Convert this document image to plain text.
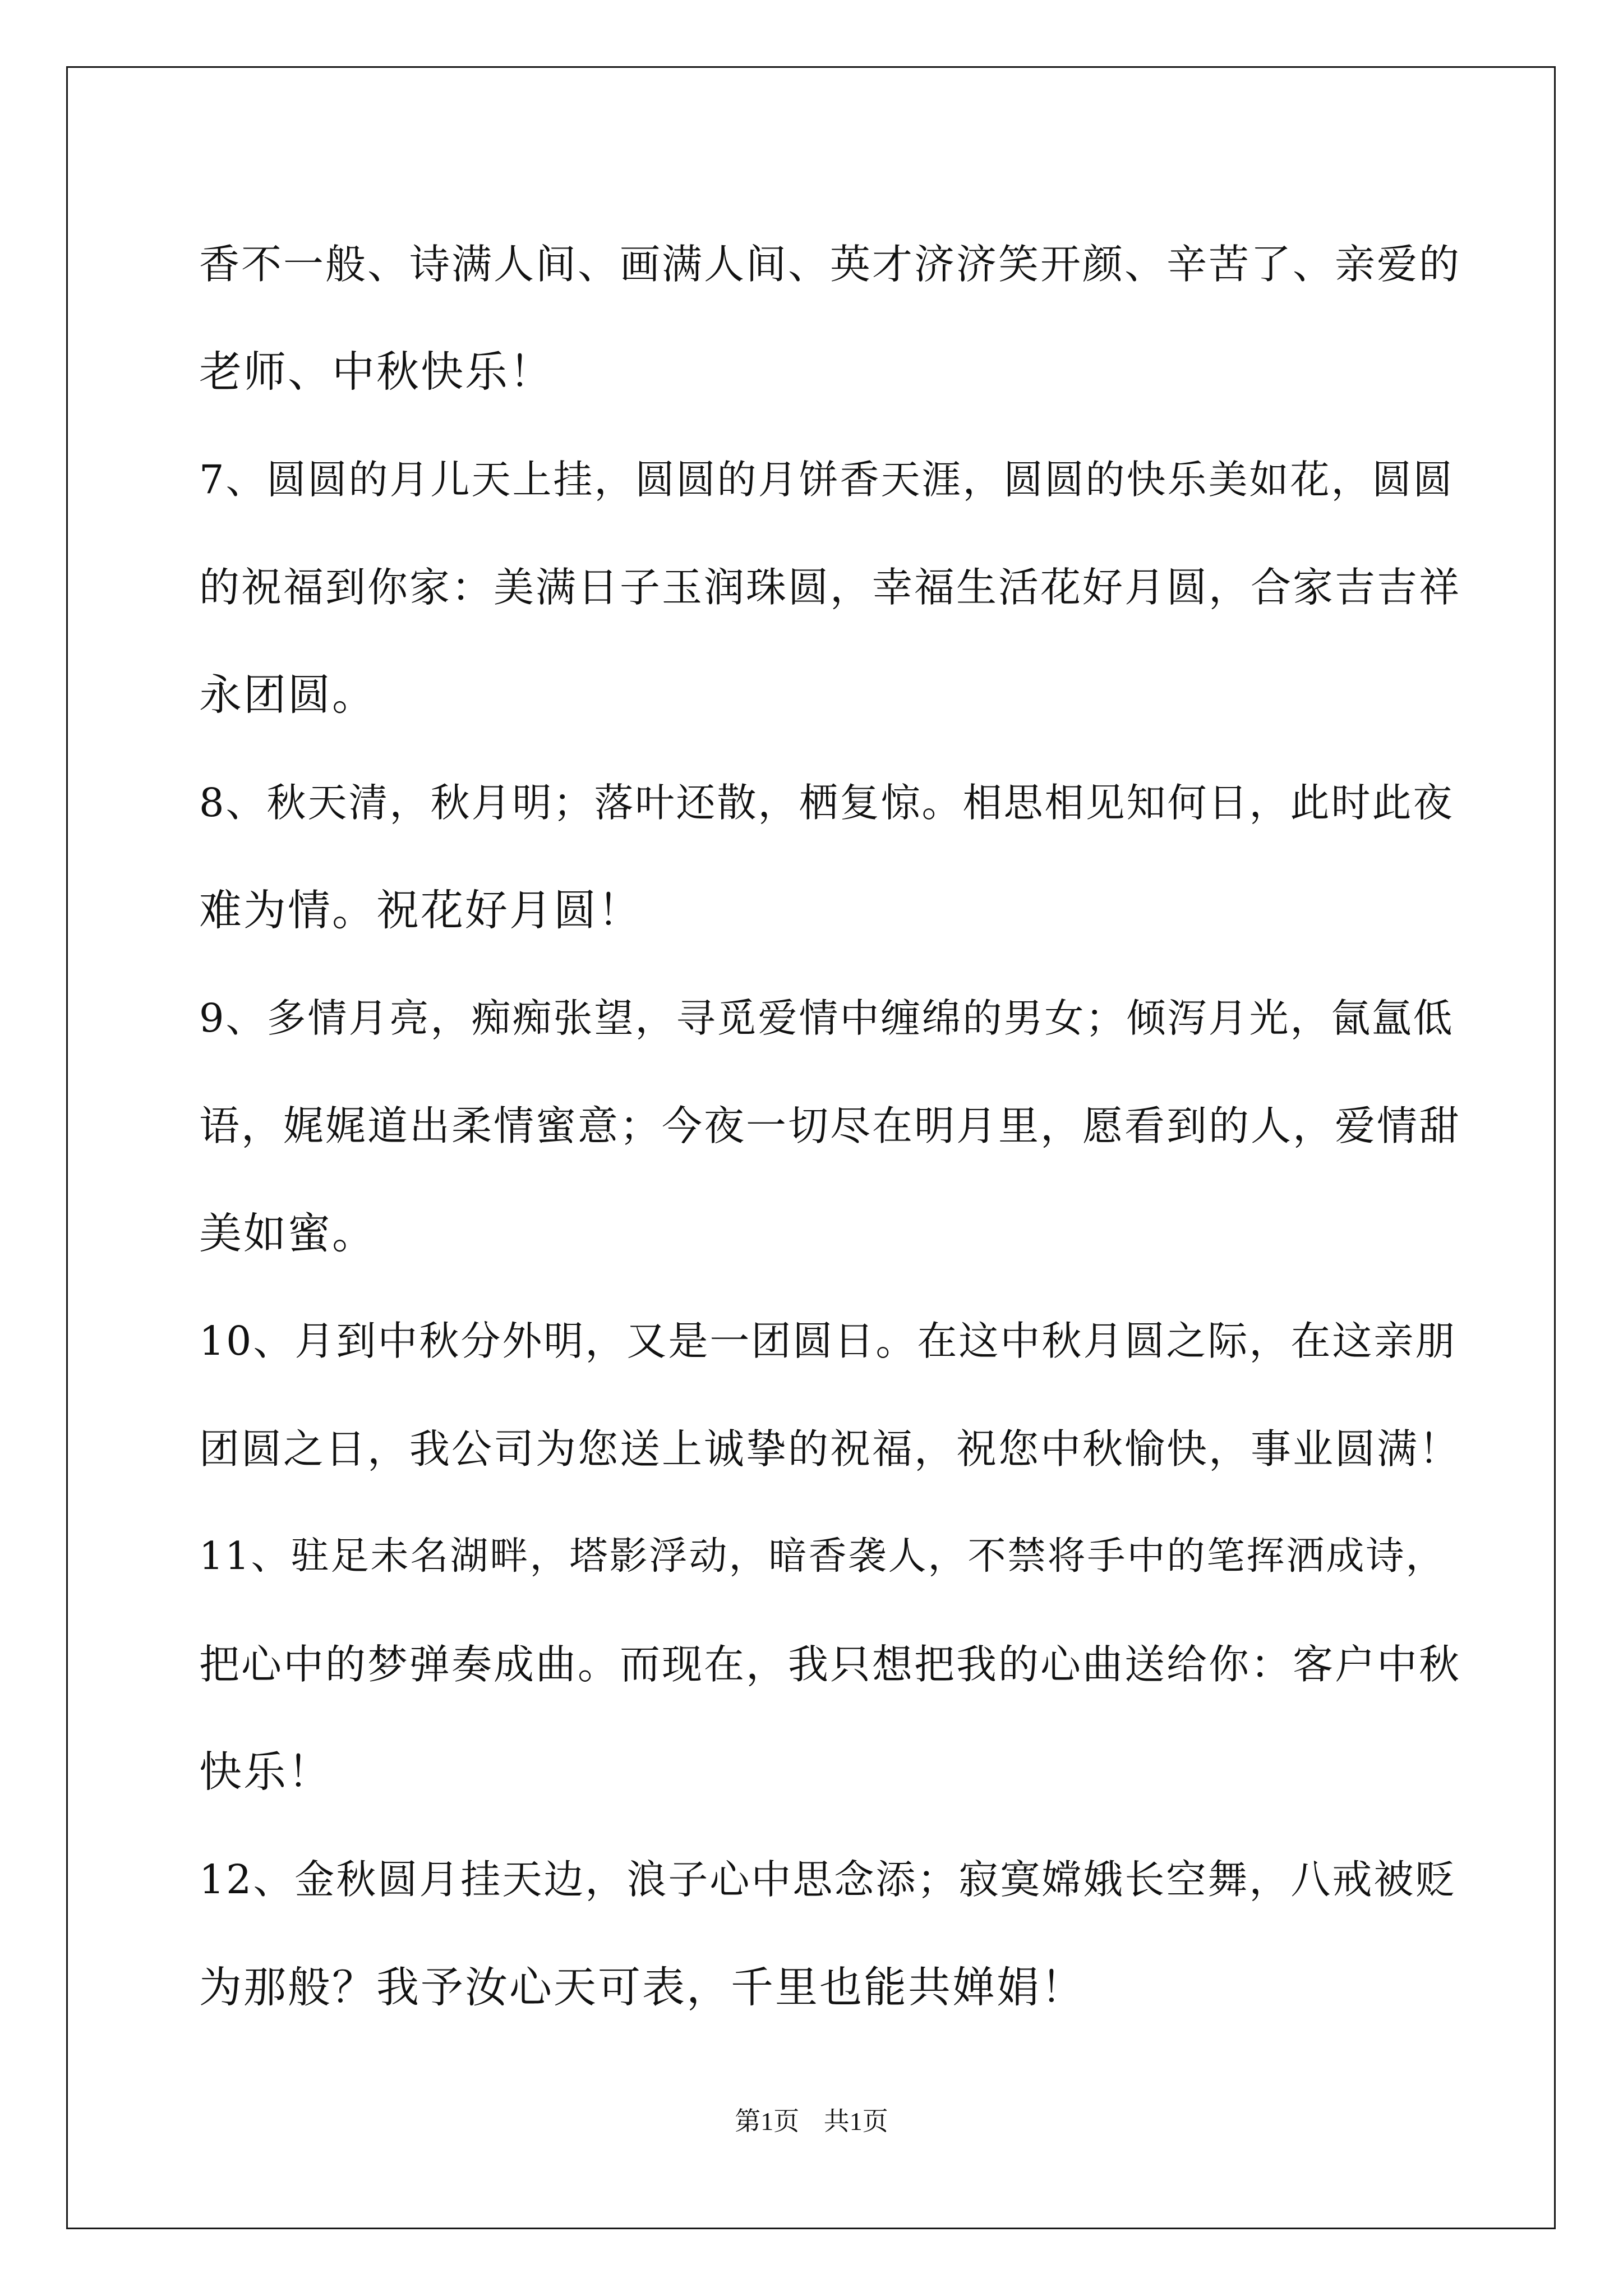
香不一般、诗满人间、画满人间、英才济济笑开颜、辛苦了、亲爱的
老师、中秋快乐！

7、圆圆的月儿天上挂，圆圆的月饼香天涯，圆圆的快乐美如花，圆圆
的祝福到你家：美满日子玉润珠圆，幸福生活花好月圆，合家吉吉祥
永团圆。

8、秋天清，秋月明；落叶还散，栖复惊。相思相见知何日，此时此夜
难为情。祝花好月圆！

9、多情月亮，痴痴张望，寻觅爱情中缠绵的男女；倾泻月光，氤氲低
语，娓娓道出柔情蜜意；今夜一切尽在明月里，愿看到的人，爱情甜
美如蜜。

10、月到中秋分外明，又是一团圆日。在这中秋月圆之际，在这亲朋
团圆之日，我公司为您送上诚挚的祝福，祝您中秋愉快，事业圆满！

11、驻足未名湖畔，塔影浮动，暗香袭人，不禁将手中的笔挥洒成诗，
把心中的梦弹奏成曲。而现在，我只想把我的心曲送给你：客户中秋
快乐！

12、金秋圆月挂天边，浪子心中思念添；寂寞嫦娥长空舞，八戒被贬
为那般？我予汝心天可表，千里也能共婵娟！

第1页 共1页
